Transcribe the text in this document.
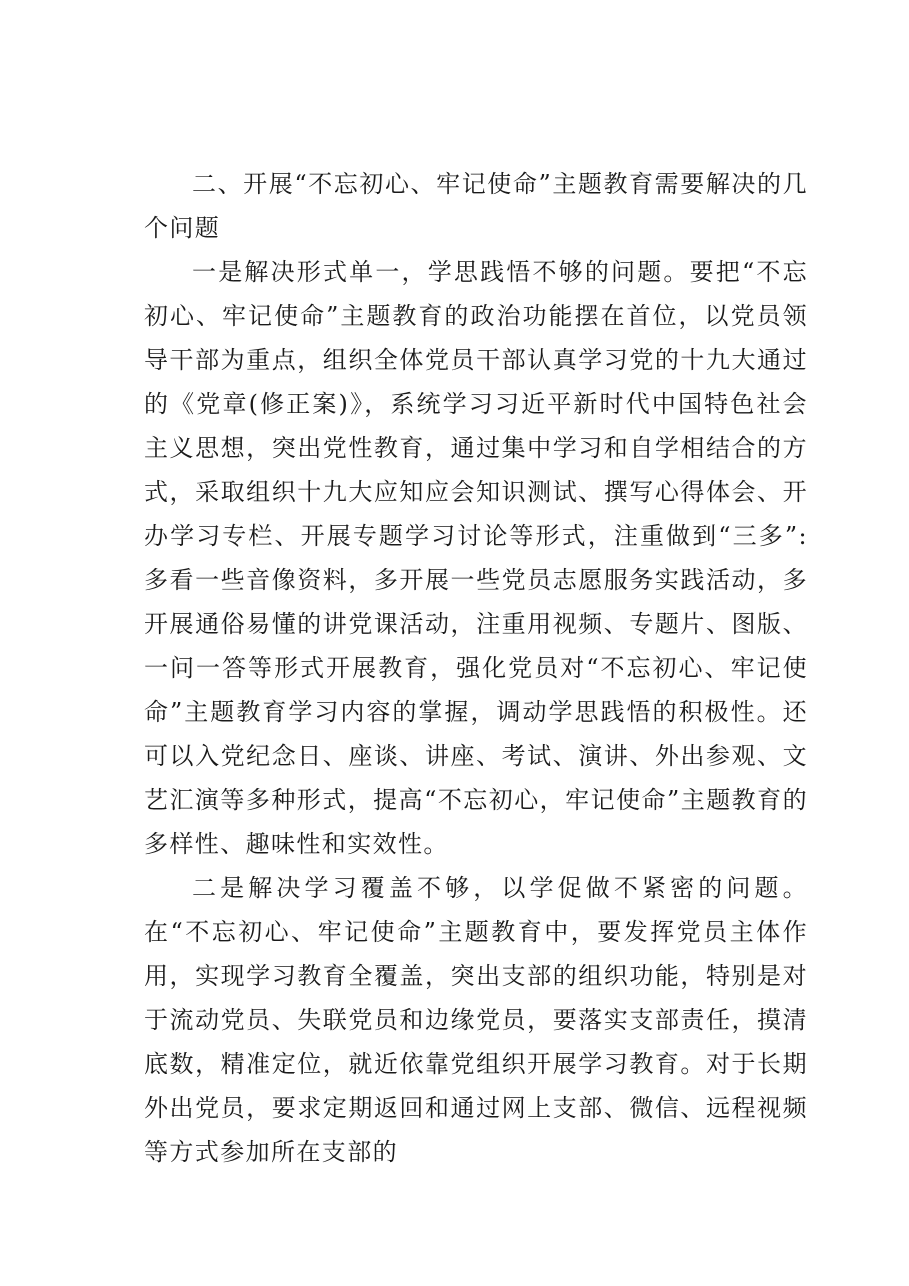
二、开展“不忘初心、牢记使命”主题教育需要解决的几个问题

一是解决形式单一，学思践悟不够的问题。要把“不忘初心、牢记使命”主题教育的政治功能摆在首位，以党员领导干部为重点，组织全体党员干部认真学习党的十九大通过的《党章(修正案)》，系统学习习近平新时代中国特色社会主义思想，突出党性教育，通过集中学习和自学相结合的方式，采取组织十九大应知应会知识测试、撰写心得体会、开办学习专栏、开展专题学习讨论等形式，注重做到“三多”:多看一些音像资料，多开展一些党员志愿服务实践活动，多开展通俗易懂的讲党课活动，注重用视频、专题片、图版、一问一答等形式开展教育，强化党员对“不忘初心、牢记使命”主题教育学习内容的掌握，调动学思践悟的积极性。还可以入党纪念日、座谈、讲座、考试、演讲、外出参观、文艺汇演等多种形式，提高“不忘初心，牢记使命”主题教育的多样性、趣味性和实效性。

二是解决学习覆盖不够，以学促做不紧密的问题。在“不忘初心、牢记使命”主题教育中，要发挥党员主体作用，实现学习教育全覆盖，突出支部的组织功能，特别是对于流动党员、失联党员和边缘党员，要落实支部责任，摸清底数，精准定位，就近依靠党组织开展学习教育。对于长期外出党员，要求定期返回和通过网上支部、微信、远程视频等方式参加所在支部的
